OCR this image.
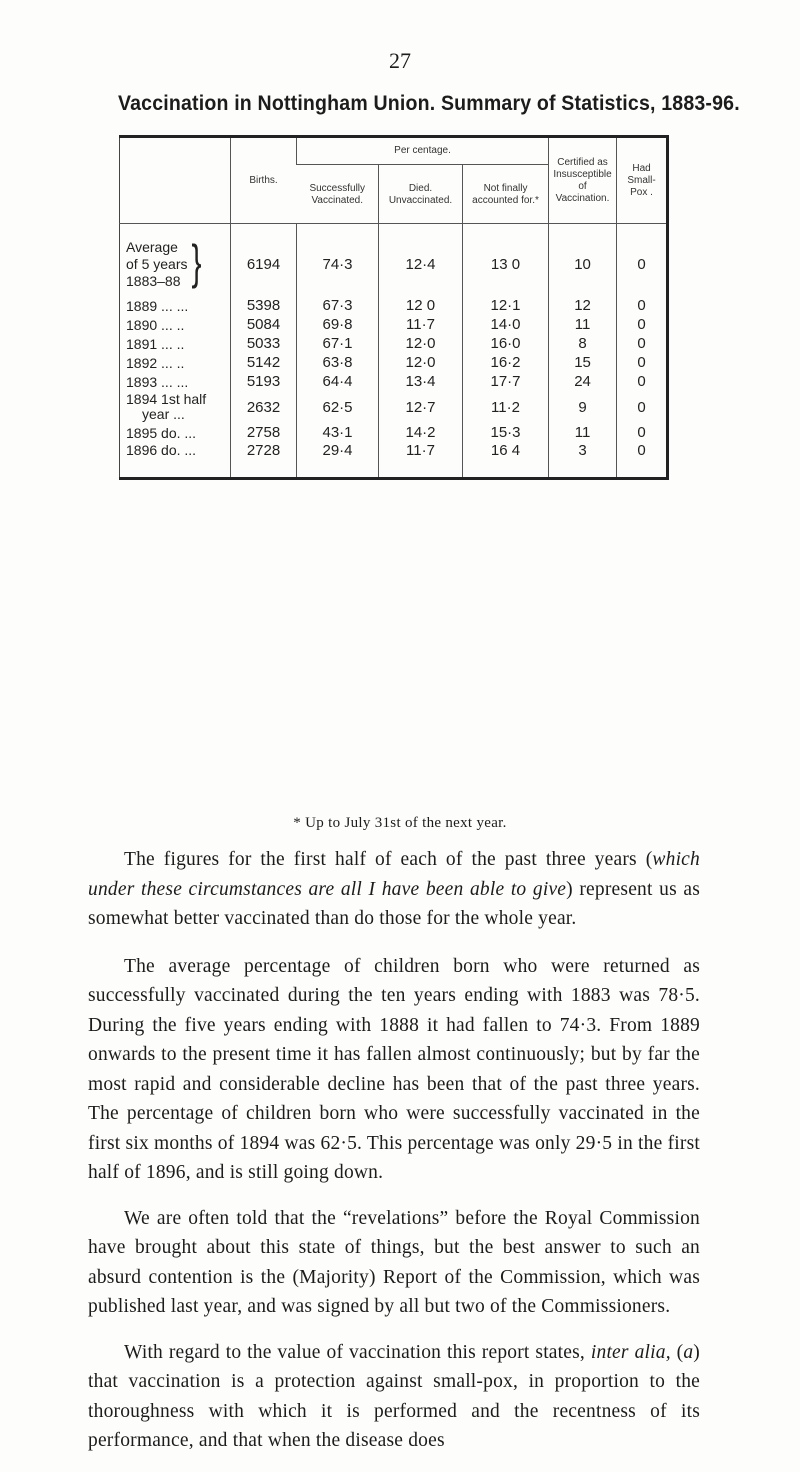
27
Vaccination in Nottingham Union. Summary of Statistics, 1883-96.
	Births.	Per centage.			Certified as Insusceptible of Vaccination.	Had Small-Pox .
		Successfully Vaccinated.	Died. Unvaccinated.	Not finally accounted for.*		

Average
of 5 years
1883–88 }	6194	74·3	12·4	13 0	10	0
1889 ... ...	5398	67·3	12 0	12·1	12	0
1890 ... ..	5084	69·8	11·7	14·0	11	0
1891 ... ..	5033	67·1	12·0	16·0	8	0
1892 ... ..	5142	63·8	12·0	16·2	15	0
1893 ... ...	5193	64·4	13·4	17·7	24	0
1894 1st half
year ...	2632	62·5	12·7	11·2	9	0
1895 do. ...	2758	43·1	14·2	15·3	11	0
1896 do. ...	2728	29·4	11·7	16 4	3	0
* Up to July 31st of the next year.

The figures for the first half of each of the past three years (which under these circumstances are all I have been able to give) represent us as somewhat better vaccinated than do those for the whole year.

The average percentage of children born who were returned as successfully vaccinated during the ten years ending with 1883 was 78·5. During the five years ending with 1888 it had fallen to 74·3. From 1889 onwards to the present time it has fallen almost continuously; but by far the most rapid and considerable decline has been that of the past three years. The percentage of children born who were successfully vaccinated in the first six months of 1894 was 62·5. This percentage was only 29·5 in the first half of 1896, and is still going down.

We are often told that the “revelations” before the Royal Commission have brought about this state of things, but the best answer to such an absurd contention is the (Majority) Report of the Commission, which was published last year, and was signed by all but two of the Commissioners.

With regard to the value of vaccination this report states, inter alia, (a) that vaccination is a protection against small-pox, in proportion to the thoroughness with which it is performed and the recentness of its performance, and that when the disease does
